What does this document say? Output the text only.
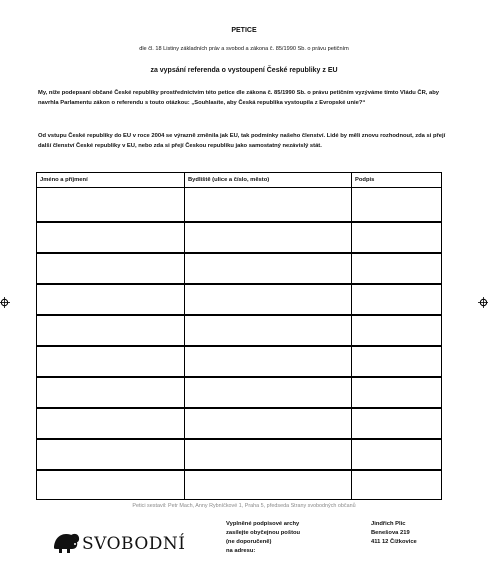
PETICE
dle čl. 18 Listiny základních práv a svobod a zákona č. 85/1990 Sb. o právu petičním
za vypsání referenda o vystoupení České republiky z EU
My, níže podepsaní občané České republiky prostřednictvím této petice dle zákona č. 85/1990 Sb. o právu petičním vyzýváme tímto Vládu ČR, aby navrhla Parlamentu zákon o referendu s touto otázkou: „Souhlasíte, aby Česká republika vystoupila z Evropské unie?“
Od vstupu České republiky do EU v roce 2004 se výrazně změnila jak EU, tak podmínky našeho členství. Lidé by měli znovu rozhodnout, zda si přejí další členství České republiky v EU, nebo zda si přejí Českou republiku jako samostatný nezávislý stát.
Jméno a příjmení	Bydliště (ulice a číslo, město)	Podpis
Petici sestavil: Petr Mach, Anny Rybníčkové 1, Praha 5, předseda Strany svobodných občanů
SVOBODNÍ
Vyplněné podpisové archy
zasílejte obyčejnou poštou
(ne doporučeně)
na adresu:
Jindřich Plic
Benešova 219
411 12 Čížkovice
